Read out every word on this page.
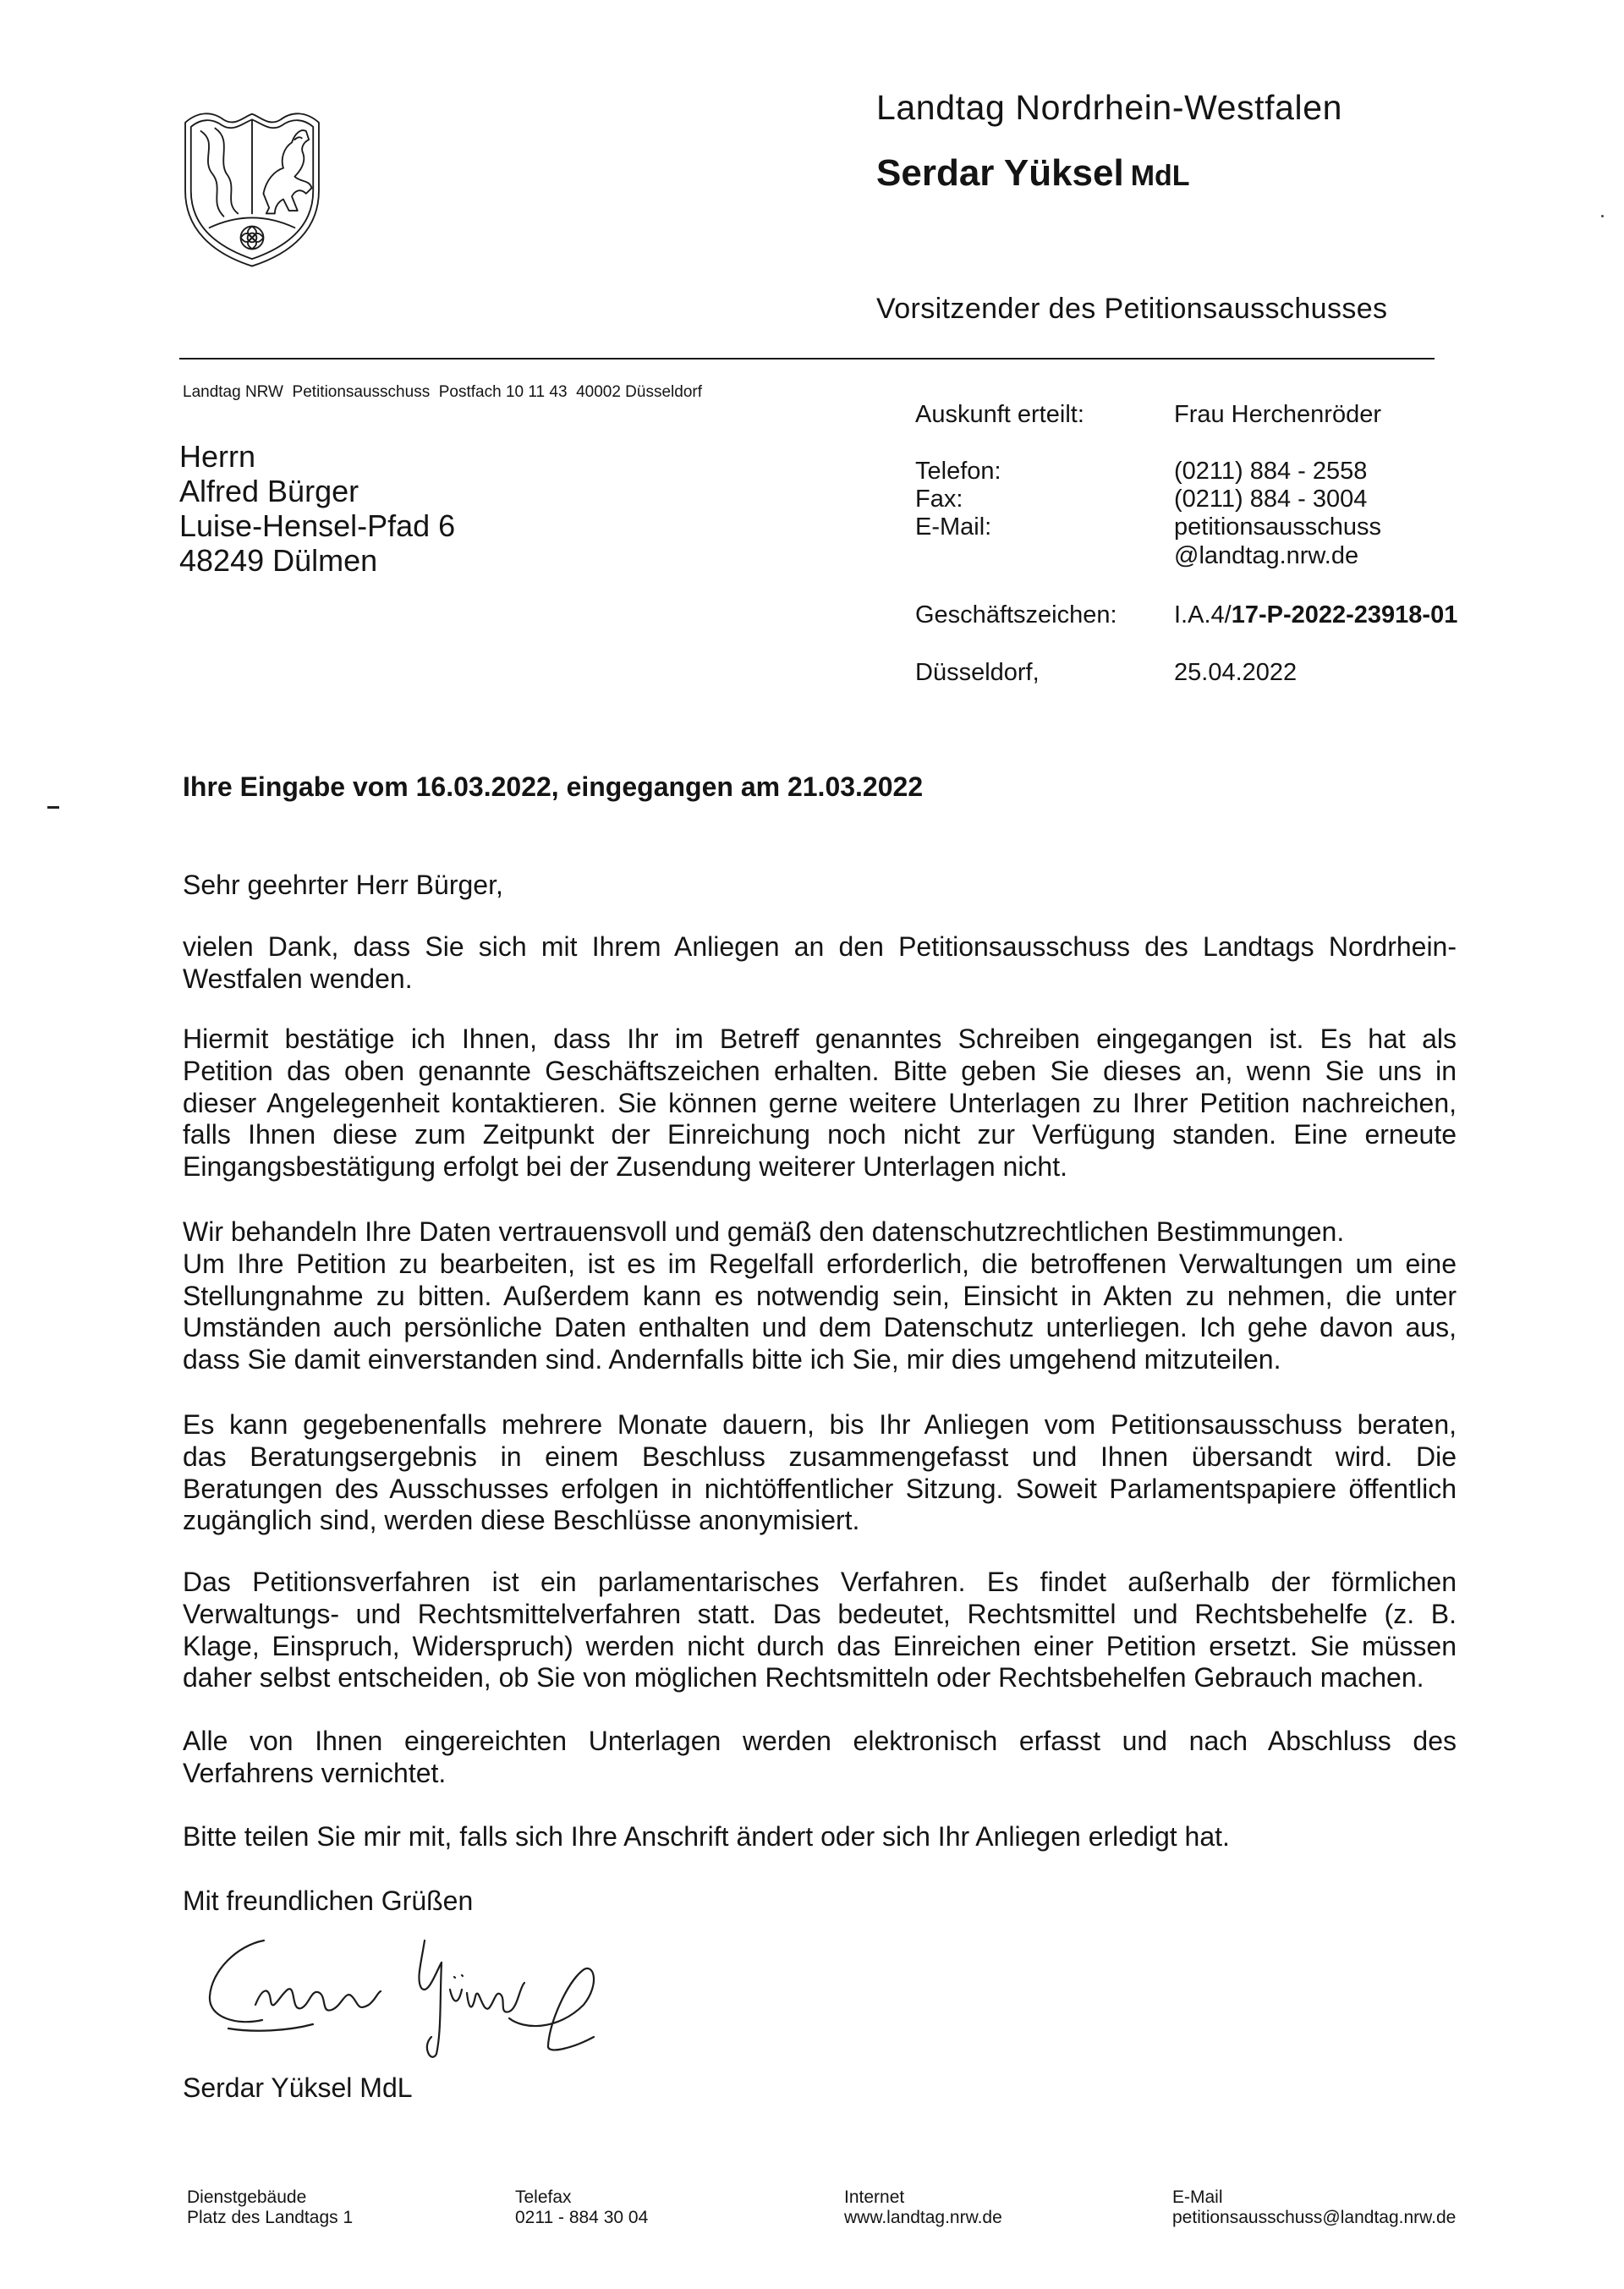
Landtag Nordrhein-Westfalen
Serdar Yüksel MdL
Vorsitzender des Petitionsausschusses
Landtag NRW  Petitionsausschuss  Postfach 10 11 43  40002 Düsseldorf
Herrn
Alfred Bürger
Luise-Hensel-Pfad 6
48249 Dülmen
Auskunft erteilt:	Frau Herchenröder
Telefon:	(0211) 884 - 2558
Fax:	(0211) 884 - 3004
E-Mail:	petitionsausschuss
@landtag.nrw.de
Geschäftszeichen: I.A.4/17-P-2022-23918-01
Düsseldorf,	25.04.2022
Ihre Eingabe vom 16.03.2022, eingegangen am 21.03.2022
Sehr geehrter Herr Bürger,
vielen Dank, dass Sie sich mit Ihrem Anliegen an den Petitionsausschuss des Landtags Nordrhein-
Westfalen wenden.
Hiermit bestätige ich Ihnen, dass Ihr im Betreff genanntes Schreiben eingegangen ist. Es hat als
Petition das oben genannte Geschäftszeichen erhalten. Bitte geben Sie dieses an, wenn Sie uns in
dieser Angelegenheit kontaktieren. Sie können gerne weitere Unterlagen zu Ihrer Petition nachreichen,
falls Ihnen diese zum Zeitpunkt der Einreichung noch nicht zur Verfügung standen. Eine erneute
Eingangsbestätigung erfolgt bei der Zusendung weiterer Unterlagen nicht.
Wir behandeln Ihre Daten vertrauensvoll und gemäß den datenschutzrechtlichen Bestimmungen.
Um Ihre Petition zu bearbeiten, ist es im Regelfall erforderlich, die betroffenen Verwaltungen um eine
Stellungnahme zu bitten. Außerdem kann es notwendig sein, Einsicht in Akten zu nehmen, die unter
Umständen auch persönliche Daten enthalten und dem Datenschutz unterliegen. Ich gehe davon aus,
dass Sie damit einverstanden sind. Andernfalls bitte ich Sie, mir dies umgehend mitzuteilen.
Es kann gegebenenfalls mehrere Monate dauern, bis Ihr Anliegen vom Petitionsausschuss beraten,
das Beratungsergebnis in einem Beschluss zusammengefasst und Ihnen übersandt wird. Die
Beratungen des Ausschusses erfolgen in nichtöffentlicher Sitzung. Soweit Parlamentspapiere öffentlich
zugänglich sind, werden diese Beschlüsse anonymisiert.
Das Petitionsverfahren ist ein parlamentarisches Verfahren. Es findet außerhalb der förmlichen
Verwaltungs- und Rechtsmittelverfahren statt. Das bedeutet, Rechtsmittel und Rechtsbehelfe (z. B.
Klage, Einspruch, Widerspruch) werden nicht durch das Einreichen einer Petition ersetzt. Sie müssen
daher selbst entscheiden, ob Sie von möglichen Rechtsmitteln oder Rechtsbehelfen Gebrauch machen.
Alle von Ihnen eingereichten Unterlagen werden elektronisch erfasst und nach Abschluss des
Verfahrens vernichtet.
Bitte teilen Sie mir mit, falls sich Ihre Anschrift ändert oder sich Ihr Anliegen erledigt hat.
Mit freundlichen Grüßen
Serdar Yüksel MdL
Dienstgebäude
Platz des Landtags 1
Telefax
0211 - 884 30 04
Internet
www.landtag.nrw.de
E-Mail
petitionsausschuss@landtag.nrw.de
